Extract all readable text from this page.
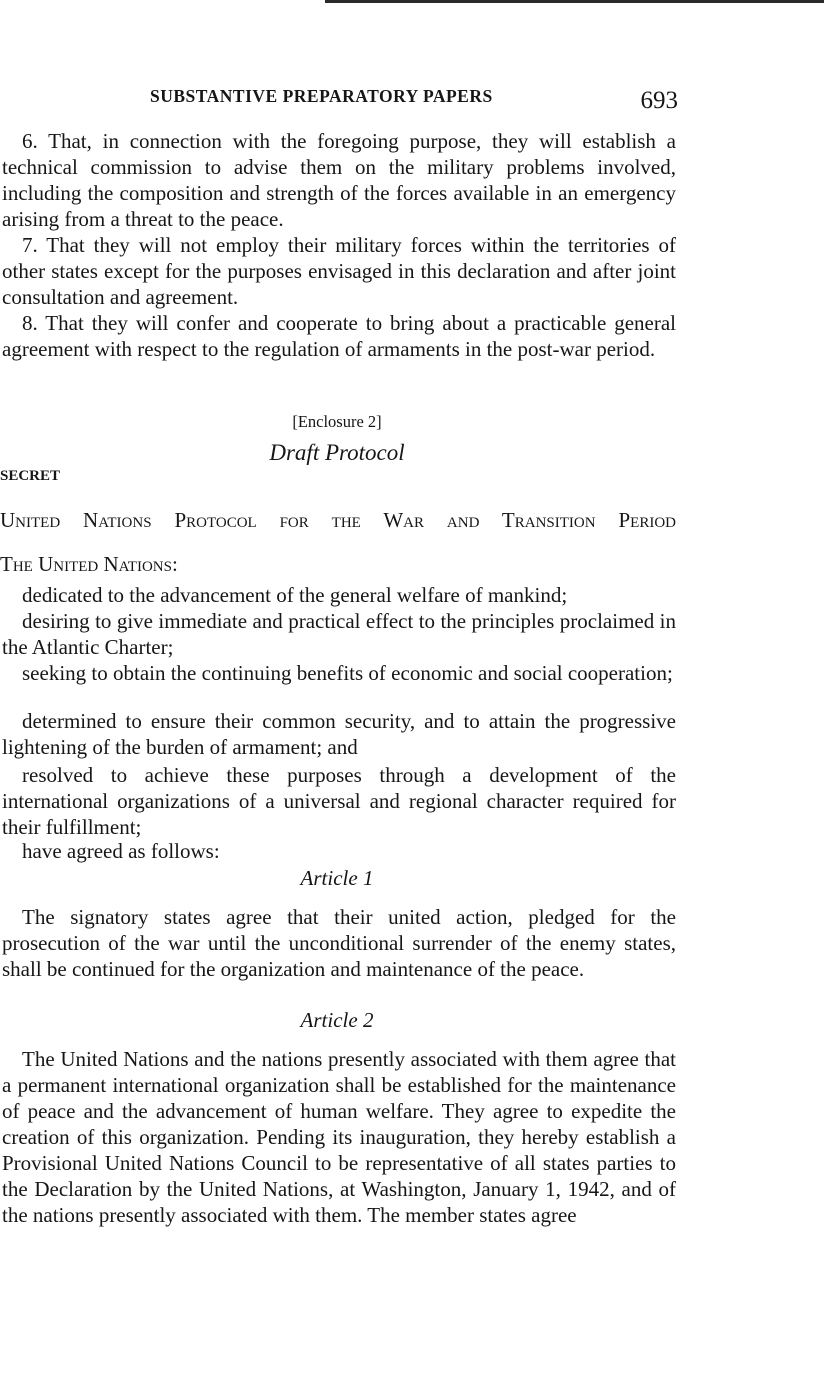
SUBSTANTIVE PREPARATORY PAPERS	693

6. That, in connection with the foregoing purpose, they will establish a technical commission to advise them on the military problems involved, including the composition and strength of the forces available in an emergency arising from a threat to the peace.

7. That they will not employ their military forces within the territories of other states except for the purposes envisaged in this declaration and after joint consultation and agreement.

8. That they will confer and cooperate to bring about a practicable general agreement with respect to the regulation of armaments in the post-war period.

[Enclosure 2]

Draft Protocol

SECRET
United Nations Protocol for the War and Transition Period
The United Nations:

dedicated to the advancement of the general welfare of mankind;

desiring to give immediate and practical effect to the principles proclaimed in the Atlantic Charter;

seeking to obtain the continuing benefits of economic and social cooperation;

determined to ensure their common security, and to attain the progressive lightening of the burden of armament; and

resolved to achieve these purposes through a development of the international organizations of a universal and regional character required for their fulfillment;

have agreed as follows:

Article 1

The signatory states agree that their united action, pledged for the prosecution of the war until the unconditional surrender of the enemy states, shall be continued for the organization and maintenance of the peace.

Article 2

The United Nations and the nations presently associated with them agree that a permanent international organization shall be established for the maintenance of peace and the advancement of human welfare. They agree to expedite the creation of this organization. Pending its inauguration, they hereby establish a Provisional United Nations Council to be representative of all states parties to the Declaration by the United Nations, at Washington, January 1, 1942, and of the nations presently associated with them. The member states agree
